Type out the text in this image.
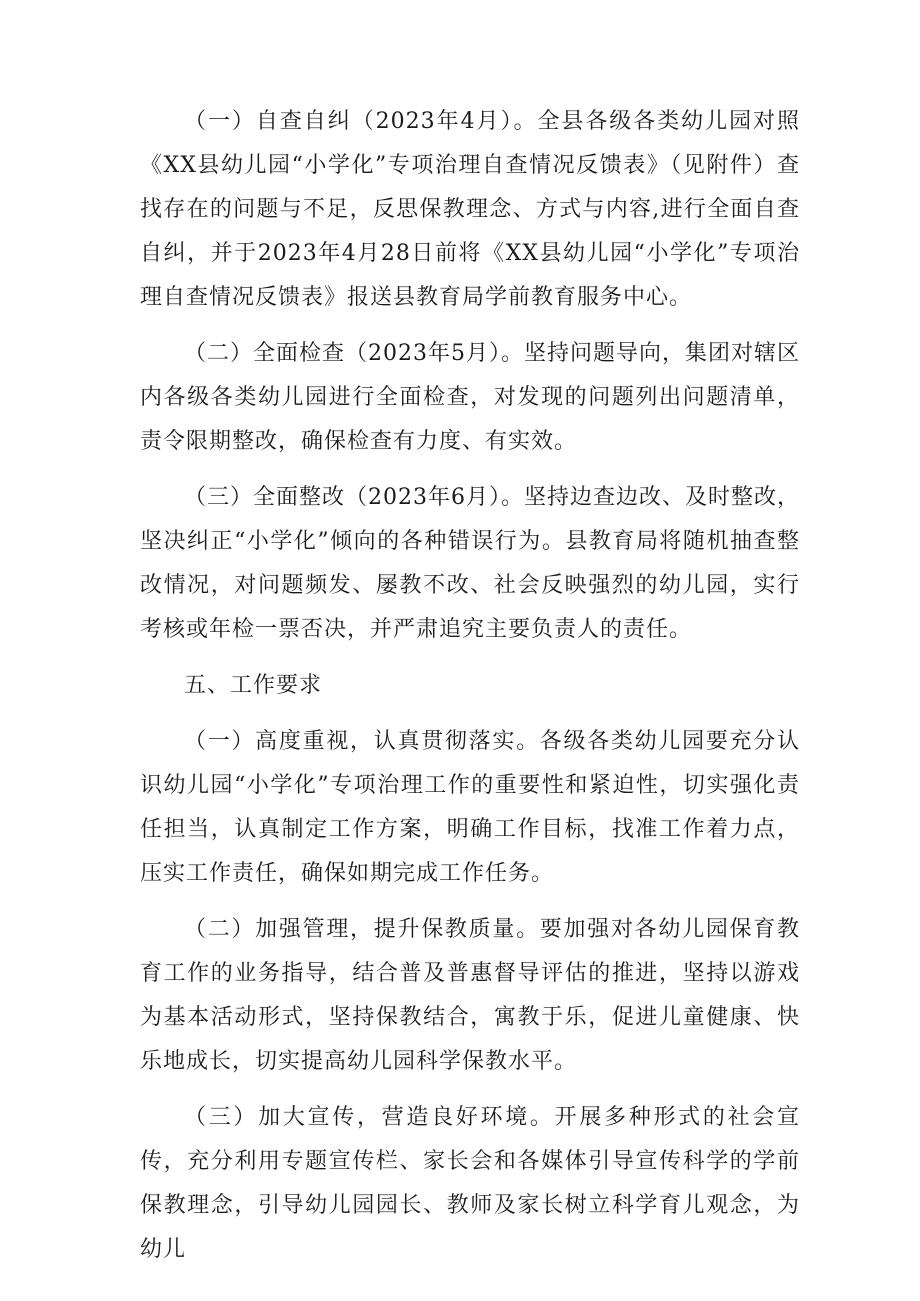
（一）自查自纠（2023年4月）。全县各级各类幼儿园对照《XX县幼儿园“小学化”专项治理自查情况反馈表》（见附件）查找存在的问题与不足，反思保教理念、方式与内容,进行全面自查自纠，并于2023年4月28日前将《XX县幼儿园“小学化”专项治理自查情况反馈表》报送县教育局学前教育服务中心。

（二）全面检查（2023年5月）。坚持问题导向，集团对辖区内各级各类幼儿园进行全面检查，对发现的问题列出问题清单，责令限期整改，确保检查有力度、有实效。

（三）全面整改（2023年6月）。坚持边查边改、及时整改，坚决纠正“小学化”倾向的各种错误行为。县教育局将随机抽查整改情况，对问题频发、屡教不改、社会反映强烈的幼儿园，实行考核或年检一票否决，并严肃追究主要负责人的责任。

五、工作要求

（一）高度重视，认真贯彻落实。各级各类幼儿园要充分认识幼儿园“小学化”专项治理工作的重要性和紧迫性，切实强化责任担当，认真制定工作方案，明确工作目标，找准工作着力点，压实工作责任，确保如期完成工作任务。

（二）加强管理，提升保教质量。要加强对各幼儿园保育教育工作的业务指导，结合普及普惠督导评估的推进，坚持以游戏为基本活动形式，坚持保教结合，寓教于乐，促进儿童健康、快乐地成长，切实提高幼儿园科学保教水平。

（三）加大宣传，营造良好环境。开展多种形式的社会宣传，充分利用专题宣传栏、家长会和各媒体引导宣传科学的学前保教理念，引导幼儿园园长、教师及家长树立科学育儿观念，为幼儿
